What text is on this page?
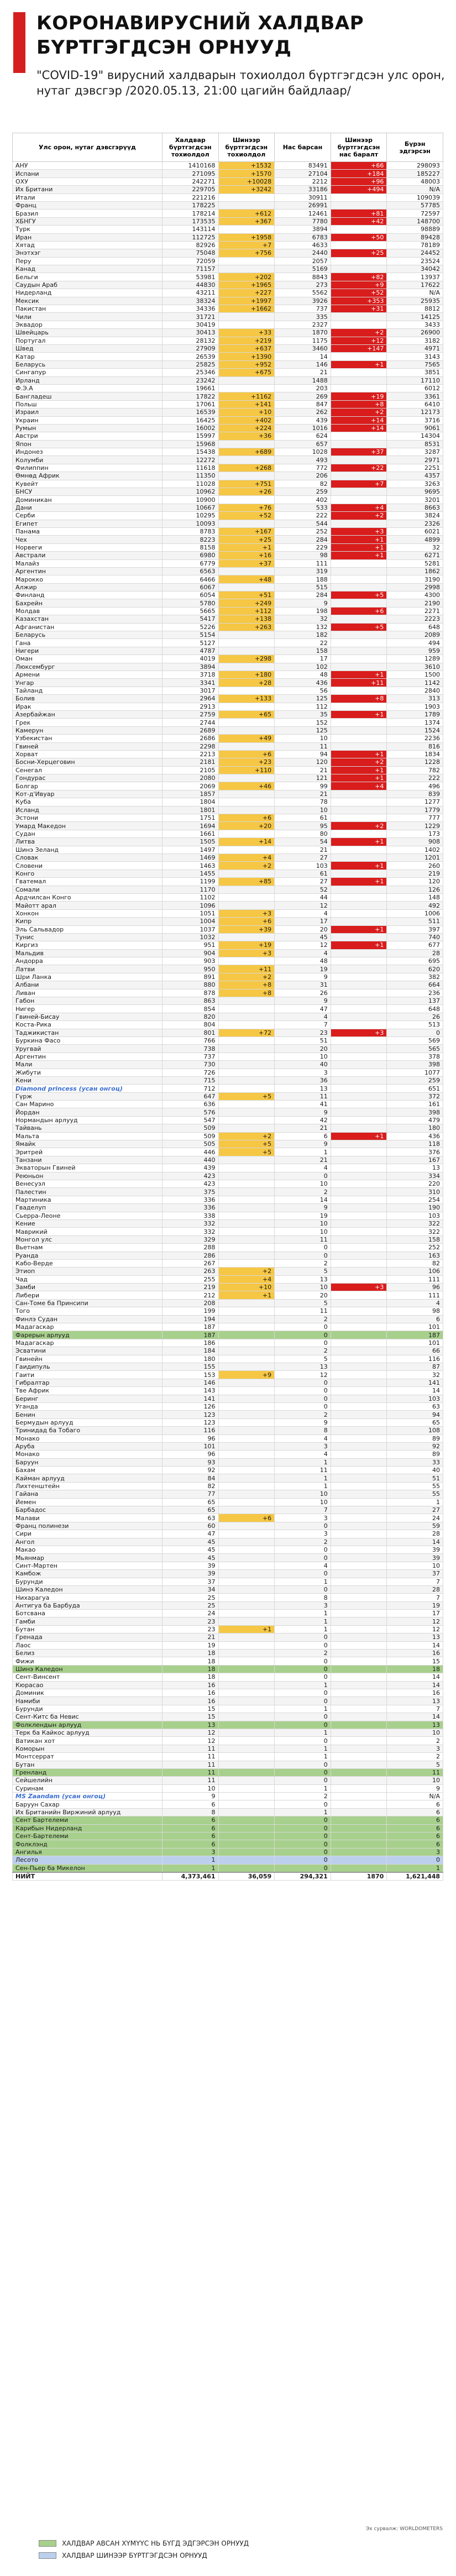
КОРОНАВИРУСНИЙ ХАЛДВАР
БҮРТГЭГДСЭН ОРНУУД
"COVID-19" вирусний халдварын тохиолдол бүртгэгдсэн улс орон, нутаг дэвсгэр /2020.05.13, 21:00 цагийн байдлаар/
Эх сурвалж: WORLDOMETERS
Улс орон, нутаг дэвсгэрүүд	Халдвар бүртгэгдсэн тохиолдол	Шинээр бүртгэгдсэн тохиолдол	Нас барсан	Шинээр бүртгэгдсэн нас баралт	Бүрэн эдгэрсэн
АНУ	1410168	+1532	83491	+66	298093
Испани	271095	+1570	27104	+184	185227
ОХУ	242271	+10028	2212	+96	48003
Их Британи	229705	+3242	33186	+494	N/A
Итали	221216		30911		109039
Франц	178225		26991		57785
Бразил	178214	+612	12461	+81	72597
ХБНГУ	173535	+367	7780	+42	148700
Турк	143114		3894		98889
Иран	112725	+1958	6783	+50	89428
Хятад	82926	+7	4633		78189
Энэтхэг	75048	+756	2440	+25	24452
Перу	72059		2057		23524
Канад	71157		5169		34042
Бельги	53981	+202	8843	+82	13937
Саудын Араб	44830	+1965	273	+9	17622
Нидерланд	43211	+227	5562	+52	N/A
Мексик	38324	+1997	3926	+353	25935
Пакистан	34336	+1662	737	+31	8812
Чили	31721		335		14125
Эквадор	30419		2327		3433
Швейцарь	30413	+33	1870	+2	26900
Португал	28132	+219	1175	+12	3182
Швед	27909	+637	3460	+147	4971
Катар	26539	+1390	14		3143
Беларусь	25825	+952	146	+1	7565
Сингапур	25346	+675	21		3851
Ирланд	23242		1488		17110
Ф.Э.А	19661		203		6012
Бангладеш	17822	+1162	269	+19	3361
Польш	17061	+141	847	+8	6410
Израил	16539	+10	262	+2	12173
Украин	16425	+402	439	+14	3716
Румын	16002	+224	1016	+14	9061
Австри	15997	+36	624		14304
Япон	15968		657		8531
Индонез	15438	+689	1028	+37	3287
Колумби	12272		493		2971
Филиппин	11618	+268	772	+22	2251
Өмнөд Африк	11350		206		4357
Кувейт	11028	+751	82	+7	3263
БНСУ	10962	+26	259		9695
Доминикан	10900		402		3201
Дани	10667	+76	533	+4	8663
Серби	10295	+52	222	+2	3824
Египет	10093		544		2326
Панама	8783	+167	252	+3	6021
Чех	8223	+25	284	+1	4899
Норвеги	8158	+1	229	+1	32
Австрали	6980	+16	98	+1	6271
Малайз	6779	+37	111		5281
Аргентин	6563		319		1862
Марокко	6466	+48	188		3190
Алжир	6067		515		2998
Финланд	6054	+51	284	+5	4300
Бахрейн	5780	+249	9		2190
Молдав	5665	+112	198	+6	2271
Казахстан	5417	+138	32		2223
Афганистан	5226	+263	132	+5	648
Беларусь	5154		182		2089
Гана	5127		22		494
Нигери	4787		158		959
Оман	4019	+298	17		1289
Люксембург	3894		102		3610
Армени	3718	+180	48	+1	1500
Унгар	3341	+28	436	+11	1142
Тайланд	3017		56		2840
Болив	2964	+133	125	+8	313
Ирак	2913		112		1903
Азербайжан	2759	+65	35	+1	1789
Грек	2744		152		1374
Камерун	2689		125		1524
Узбекистан	2686	+49	10		2236
Гвиней	2298		11		816
Хорват	2213	+6	94	+1	1834
Босни-Херцеговин	2181	+23	120	+2	1228
Сенегал	2105	+110	21	+1	782
Гондурас	2080		121	+1	222
Болгар	2069	+46	99	+4	496
Кот-д'Ивуар	1857		21		839
Куба	1804		78		1277
Исланд	1801		10		1779
Эстони	1751	+6	61		777
Умард Македон	1694	+20	95	+2	1229
Судан	1661		80		173
Литва	1505	+14	54	+1	908
Шинэ Зеланд	1497		21		1402
Словак	1469	+4	27		1201
Словени	1463	+2	103	+1	260
Конго	1455		61		219
Гватемал	1199	+85	27	+1	120
Сомали	1170		52		126
Ардчилсан Конго	1102		44		148
Майотт арал	1096		12		492
Хонкон	1051	+3	4		1006
Кипр	1004	+6	17		511
Эль Сальвадор	1037	+39	20	+1	397
Тунис	1032		45		740
Киргиз	951	+19	12	+1	677
Мальдив	904	+3	4		28
Андорра	903		48		695
Латви	950	+11	19		620
Шри Ланка	891	+2	9		382
Албани	880	+8	31		664
Ливан	878	+8	26		236
Габон	863		9		137
Нигер	854		47		648
Гвиней-Бисау	820		4		26
Коста-Рика	804		7		513
Таджикистан	801	+72	23	+3	0
Буркина Фасо	766		51		569
Уругвай	738		20		565
Аргентин	737		10		378
Мали	730		40		398
Жибути	726		3		1077
Кени	715		36		259
Diamond princess (усан онгоц)	712		13		651
Гүрж	647	+5	11		372
Сан Марино	636		41		161
Йордан	576		9		398
Нормандын арлууд	547		42		479
Тайвань	509		21		180
Мальта	509	+2	6	+1	436
Ямайк	505	+5	9		118
Эритрей	446	+5	1		376
Танзани	440		21		167
Экваторын Гвиней	439		4		13
Реюньон	423		0		334
Венесуэл	423		10		220
Палестин	375		2		310
Мартиника	336		14		254
Гваделуп	336		9		190
Сьерра-Леоне	338		19		103
Кение	332		10		322
Маврикий	332		10		322
Монгол улс	329		11		158
Вьетнам	288		0		252
Руанда	286		0		163
Кабо-Верде	267		2		82
Этиоп	263	+2	5		106
Чад	255	+4	13		111
Замби	219	+10	10	+3	96
Либери	212	+1	20		111
Сан-Томе ба Принсипи	208		5		4
Того	199		11		98
Финлэ Судан	194		2		6
Мадагаскар	187		0		101
Фарерын арлууд	187		0		187
Мадагаскар	186		0		101
Эсватини	184		2		66
Гвинейн	180		5		116
Гаидипуль	155		13		87
Гаити	153	+9	12		32
Гибралтар	146		0		141
Тве Африк	143		0		14
Беринг	141		0		103
Уганда	126		0		63
Бенин	123		2		94
Бермудын арлууд	123		9		65
Тринидад ба Тобаго	116		8		108
Монако	96		4		89
Аруба	101		3		92
Монако	96		4		89
Баруун	93		1		33
Бахам	92		11		40
Кайман арлууд	84		1		51
Лихтенштейн	82		1		55
Гайана	77		10		55
Йемен	65		10		1
Барбадос	65		7		27
Малави	63	+6	3		24
Франц полинези	60		0		59
Сири	47		3		28
Ангол	45		2		14
Макао	45		0		39
Мьянмар	45		0		39
Синт-Мартен	39		4		10
Камбож	39		0		37
Бурунди	37		1		7
Шинэ Каледон	34		0		28
Нихарагуа	25		8		7
Антигуа ба Барбуда	25		3		19
Ботсвана	24		1		17
Гамби	23		1		12
Бутан	23	+1	1		12
Гренада	21		0		13
Лаос	19		0		14
Белиз	18		2		16
Фижи	18		0		15
Шинэ Каледон	18		0		18
Сент-Винсент	18		0		14
Кюрасао	16		1		14
Доминик	16		0		16
Намиби	16		0		13
Бурунди	15		1		7
Сент-Китс ба Невис	15		0		14
Фолклендын арлууд	13		0		13
Терк ба Кайкос арлууд	12		1		10
Ватикан хот	12		0		2
Коморын	11		1		3
Монтсеррат	11		1		2
Бутан	11		0		5
Гренланд	11		0		11
Сейшелийн	11		0		10
Суринам	10		1		9
MS Zaandam (усан онгоц)	9		2		N/A
Баруун Сахар	6		0		6
Их Британийн Виржиний арлууд	8		1		6
Сент Бартелеми	6		0		6
Карибын Нидерланд	6		0		6
Сент-Бартелеми	6		0		6
Фолклэнд	6		0		6
Ангилья	3		0		3
Лесото	1		0		0
Сен-Пьер ба Микелон	1		0		1
НИЙТ	4,373,461	36,059	294,321	1870	1,621,448
ХАЛДВАР АВСАН ХҮМҮҮС НЬ БҮГД ЭДГЭРСЭН ОРНУУД
ХАЛДВАР ШИНЭЭР БҮРТГЭГДСЭН ОРНУУД
